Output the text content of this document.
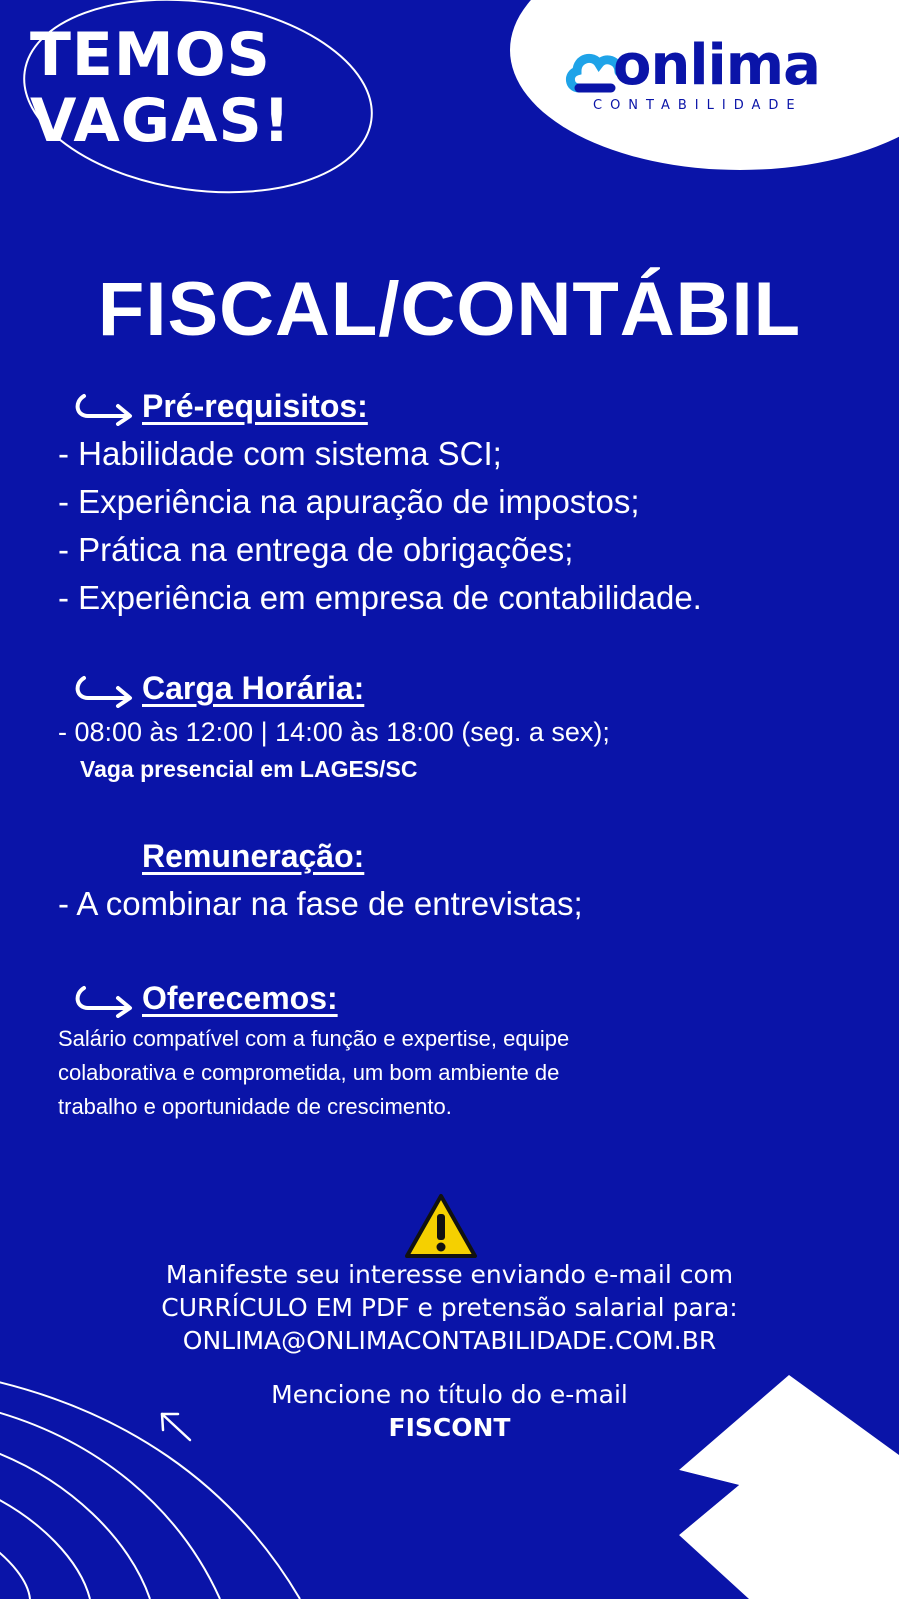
TEMOS
VAGAS!
onlima
CONTABILIDADE
FISCAL/CONTÁBIL
Pré-requisitos:
- Habilidade com sistema SCI;
- Experiência na apuração de impostos;
- Prática na entrega de obrigações;
- Experiência em empresa de contabilidade.
Carga Horária:
- 08:00 às 12:00 | 14:00 às 18:00 (seg. a sex);
Vaga presencial em LAGES/SC
Remuneração:
- A combinar na fase de entrevistas;
Oferecemos:
Salário compatível com a função e expertise, equipe
colaborativa e comprometida, um bom ambiente de
trabalho e oportunidade de crescimento.
Manifeste seu interesse enviando e-mail com
CURRÍCULO EM PDF e pretensão salarial para:
ONLIMA@ONLIMACONTABILIDADE.COM.BR
Mencione no título do e-mail
FISCONT
